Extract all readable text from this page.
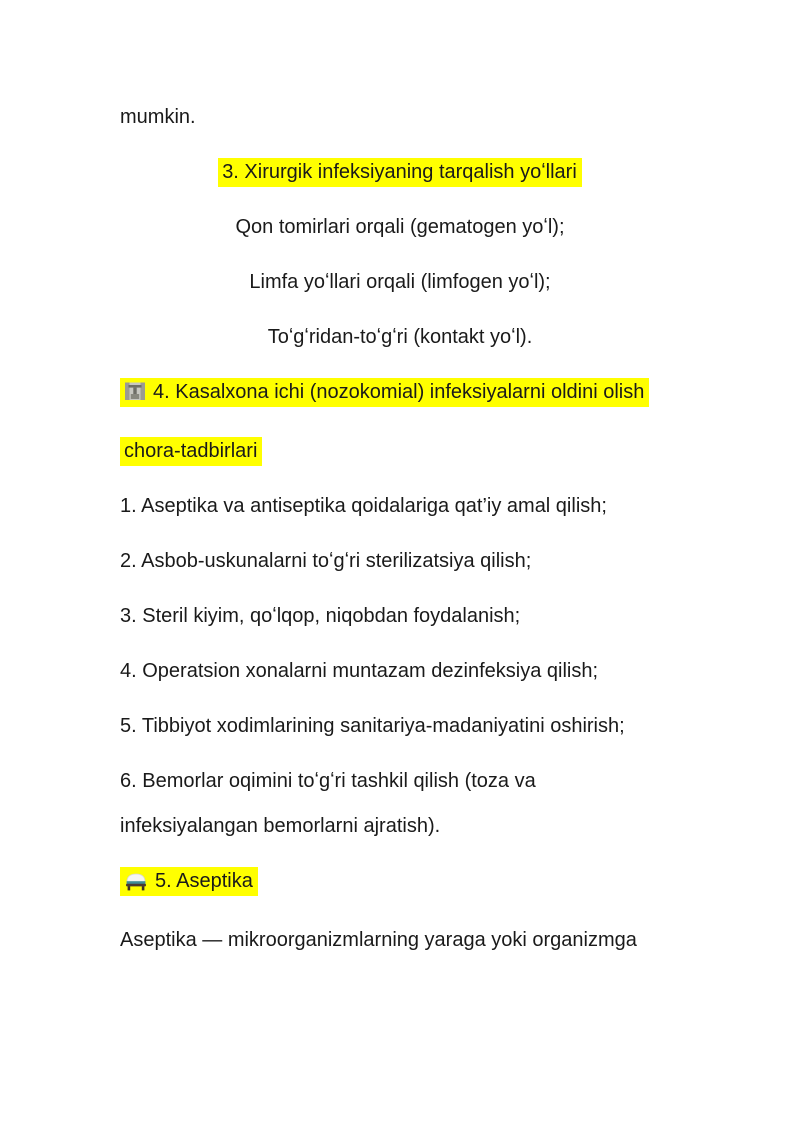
mumkin.

3. Xirurgik infeksiyaning tarqalish yoʻllari

Qon tomirlari orqali (gematogen yoʻl);

Limfa yoʻllari orqali (limfogen yoʻl);

Toʻgʻridan-toʻgʻri (kontakt yoʻl).

4. Kasalxona ichi (nozokomial) infeksiyalarni oldini olish

chora-tadbirlari

1. Aseptika va antiseptika qoidalariga qat’iy amal qilish;

2. Asbob-uskunalarni toʻgʻri sterilizatsiya qilish;

3. Steril kiyim, qoʻlqop, niqobdan foydalanish;

4. Operatsion xonalarni muntazam dezinfeksiya qilish;

5. Tibbiyot xodimlarining sanitariya-madaniyatini oshirish;

6. Bemorlar oqimini toʻgʻri tashkil qilish (toza va
infeksiyalangan bemorlarni ajratish).

5. Aseptika

Aseptika — mikroorganizmlarning yaraga yoki organizmga
